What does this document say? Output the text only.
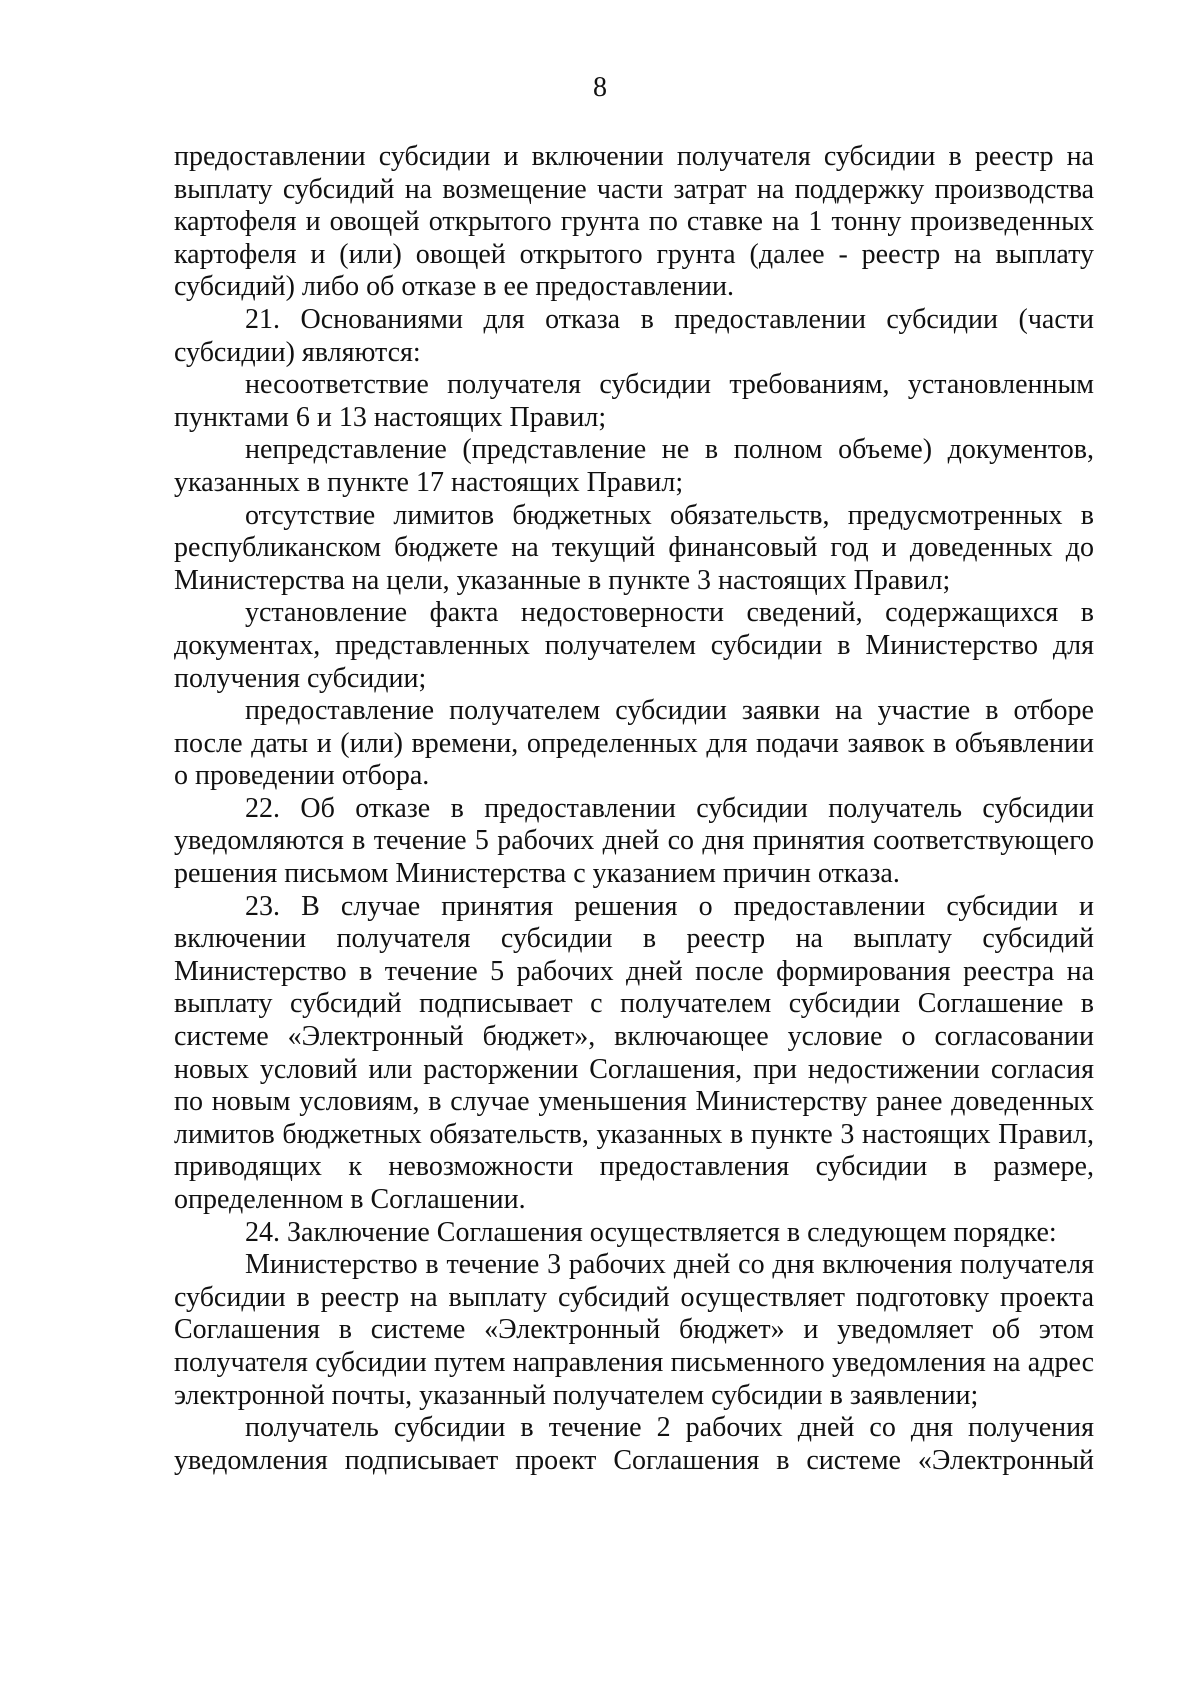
8

предоставлении субсидии и включении получателя субсидии в реестр на выплату субсидий на возмещение части затрат на поддержку производства картофеля и овощей открытого грунта по ставке на 1 тонну произведенных картофеля и (или) овощей открытого грунта (далее - реестр на выплату субсидий) либо об отказе в ее предоставлении.

21. Основаниями для отказа в предоставлении субсидии (части субсидии) являются:

несоответствие получателя субсидии требованиям, установленным пунктами 6 и 13 настоящих Правил;

непредставление (представление не в полном объеме) документов, указанных в пункте 17 настоящих Правил;

отсутствие лимитов бюджетных обязательств, предусмотренных в республиканском бюджете на текущий финансовый год и доведенных до Министерства на цели, указанные в пункте 3 настоящих Правил;

установление факта недостоверности сведений, содержащихся в документах, представленных получателем субсидии в Министерство для получения субсидии;

предоставление получателем субсидии заявки на участие в отборе после даты и (или) времени, определенных для подачи заявок в объявлении о проведении отбора.

22. Об отказе в предоставлении субсидии получатель субсидии уведомляются в течение 5 рабочих дней со дня принятия соответствующего решения письмом Министерства с указанием причин отказа.

23. В случае принятия решения о предоставлении субсидии и включении получателя субсидии в реестр на выплату субсидий Министерство в течение 5 рабочих дней после формирования реестра на выплату субсидий подписывает с получателем субсидии Соглашение в системе «Электронный бюджет», включающее условие о согласовании новых условий или расторжении Соглашения, при недостижении согласия по новым условиям, в случае уменьшения Министерству ранее доведенных лимитов бюджетных обязательств, указанных в пункте 3 настоящих Правил, приводящих к невозможности предоставления субсидии в размере, определенном в Соглашении.

24. Заключение Соглашения осуществляется в следующем порядке:

Министерство в течение 3 рабочих дней со дня включения получателя субсидии в реестр на выплату субсидий осуществляет подготовку проекта Соглашения в системе «Электронный бюджет» и уведомляет об этом получателя субсидии путем направления письменного уведомления на адрес электронной почты, указанный получателем субсидии в заявлении;

получатель субсидии в течение 2 рабочих дней со дня получения уведомления подписывает проект Соглашения в системе «Электронный
